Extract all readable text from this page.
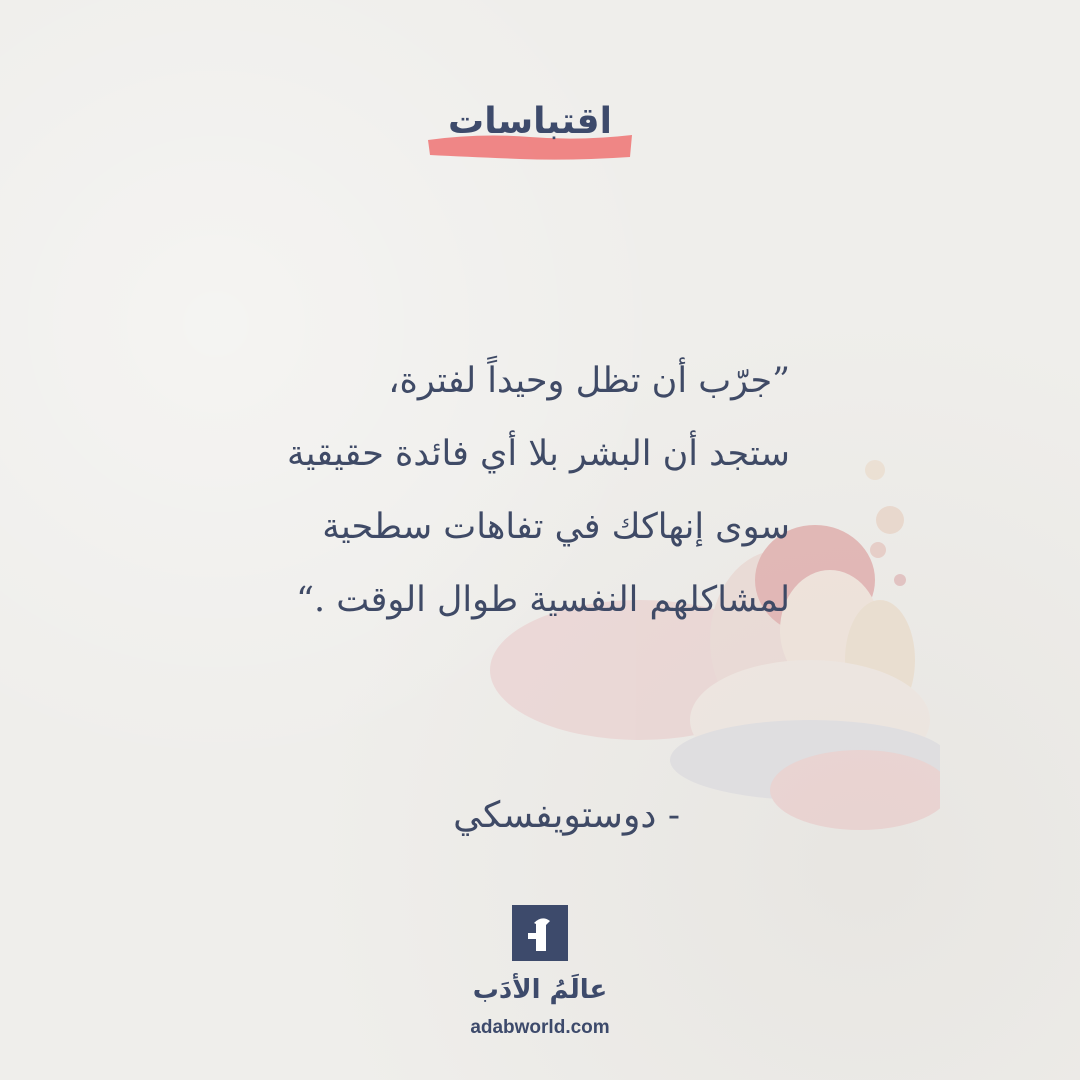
اقتباسات
”جرّب أن تظل وحيداً لفترة،
ستجد أن البشر بلا أي فائدة حقيقية
سوى إنهاكك في تفاهات سطحية
لمشاكلهم النفسية طوال الوقت .“
- دوستويفسكي
عالَمُ الأدَب
adabworld.com
